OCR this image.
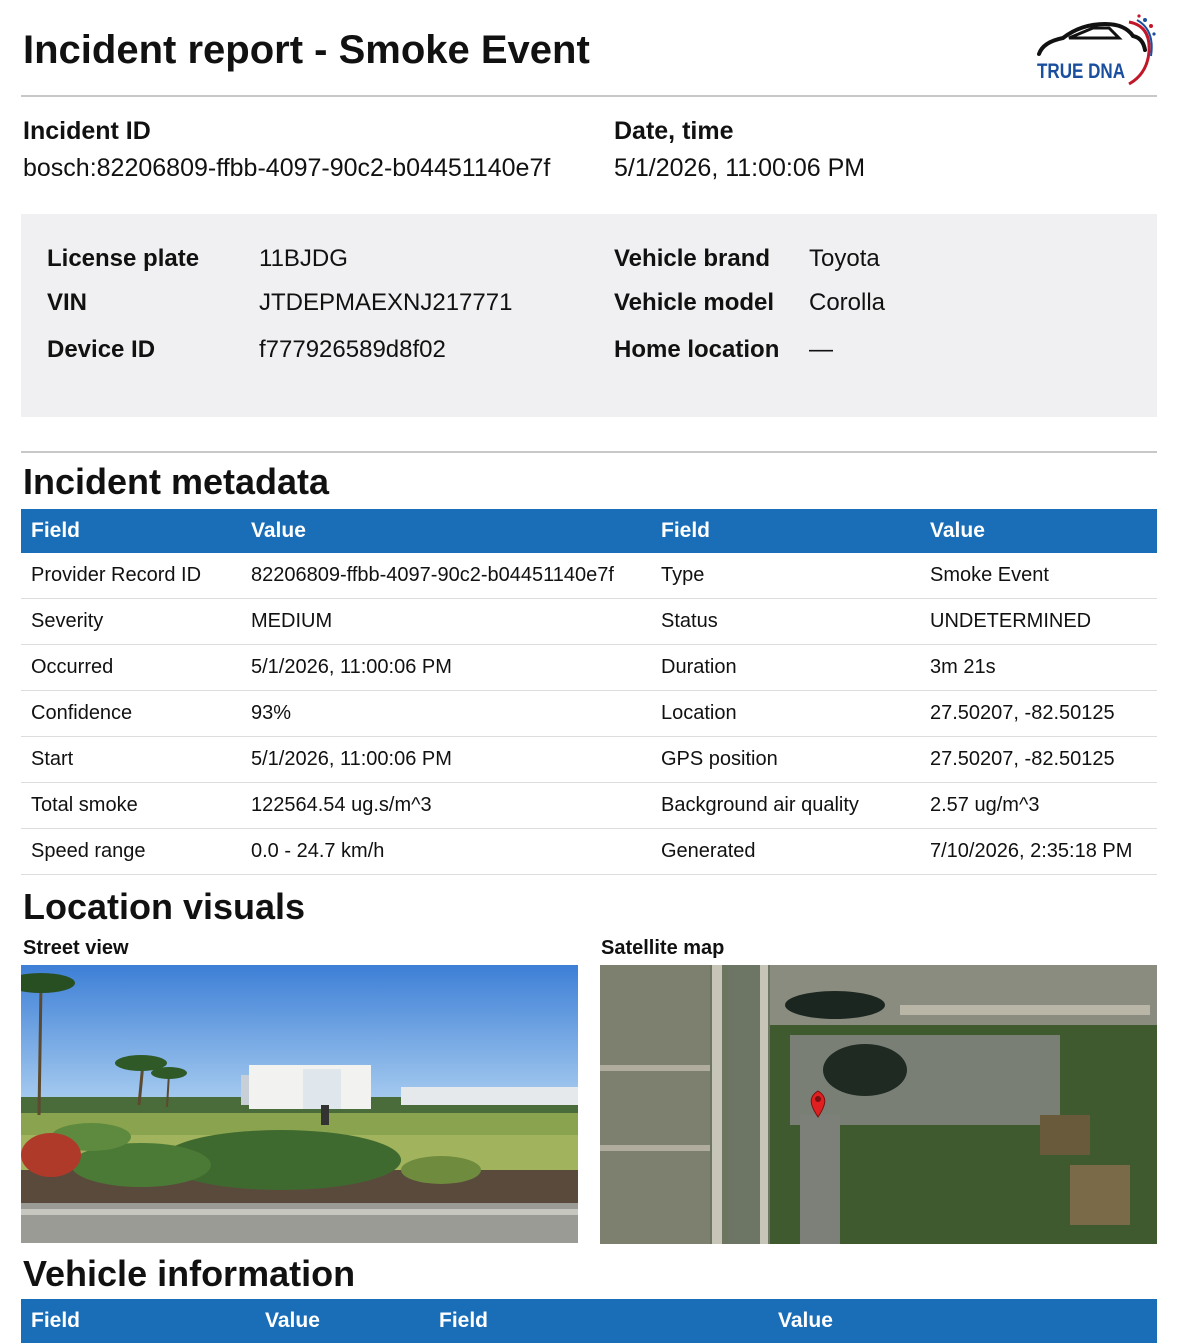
Incident report - Smoke Event	TRUE DNA
Incident ID
bosch:82206809-ffbb-4097-90c2-b04451140e7f
Date, time
5/1/2026, 11:00:06 PM
License plate 11BJDG
VIN	JTDEPMAEXNJ217771
Device ID	f777926589d8f02
Vehicle brand Toyota
Vehicle model Corolla
Home location —
Incident metadata
Field	Value	Field	Value
Provider Record ID	82206809-ffbb-4097-90c2-b04451140e7f	Type	Smoke Event
Severity	MEDIUM	Status	UNDETERMINED
Occurred	5/1/2026, 11:00:06 PM	Duration	3m 21s
Confidence	93%	Location	27.50207, -82.50125
Start	5/1/2026, 11:00:06 PM	GPS position	27.50207, -82.50125
Total smoke	122564.54 ug.s/m^3	Background air quality	2.57 ug/m^3
Speed range	0.0 - 24.7 km/h	Generated	7/10/2026, 2:35:18 PM
Location visuals
Street view	Satellite map
Vehicle information
Field	Value	Field	Value
